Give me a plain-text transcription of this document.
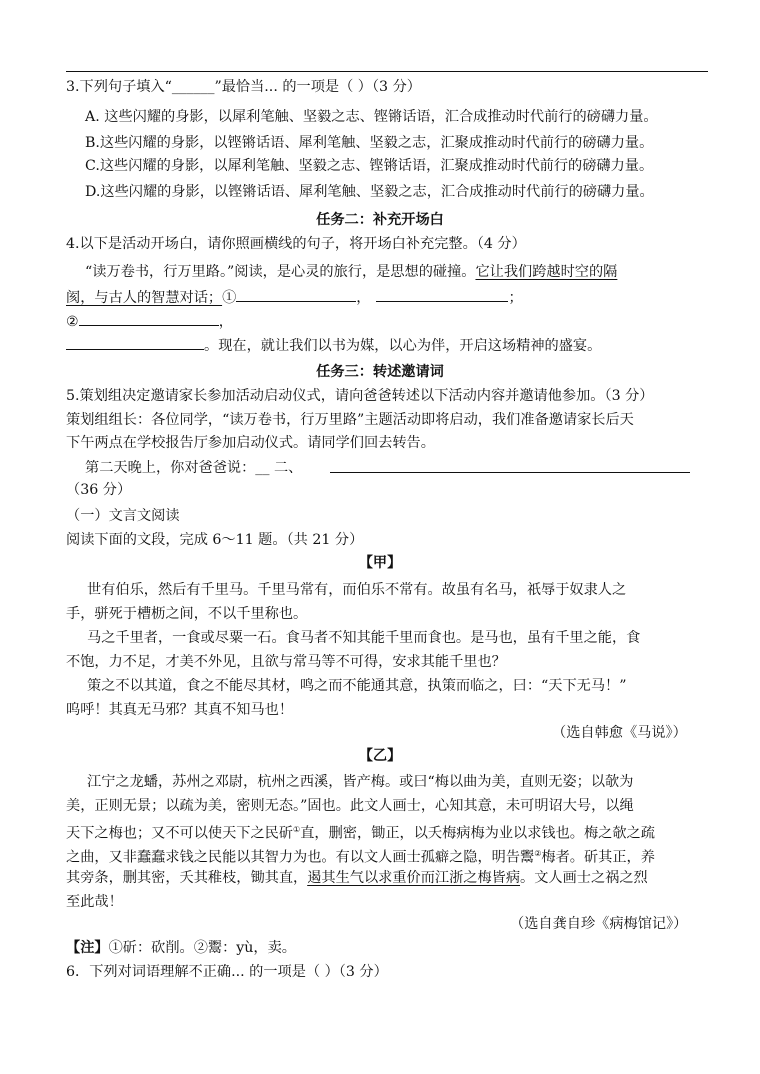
3.下列句子填入“______”最恰当... 的一项是（ ）（3 分）
A. 这些闪耀的身影，以犀利笔触、坚毅之志、铿锵话语，汇合成推动时代前行的磅礴力量。
B.这些闪耀的身影，以铿锵话语、犀利笔触、坚毅之志，汇聚成推动时代前行的磅礴力量。
C.这些闪耀的身影，以犀利笔触、坚毅之志、铿锵话语，汇聚成推动时代前行的磅礴力量。
D.这些闪耀的身影，以铿锵话语、犀利笔触、坚毅之志，汇合成推动时代前行的磅礴力量。
任务二：补充开场白
4.以下是活动开场白，请你照画横线的句子，将开场白补充完整。（4 分）
“读万卷书，行万里路。”阅读，是心灵的旅行，是思想的碰撞。它让我们跨越时空的隔
阂，与古人的智慧对话；①	，	；
②	，
。现在，就让我们以书为媒，以心为伴，开启这场精神的盛宴。
任务三：转述邀请词
5.策划组决定邀请家长参加活动启动仪式，请向爸爸转述以下活动内容并邀请他参加。（3 分）
策划组组长：各位同学，“读万卷书，行万里路”主题活动即将启动，我们准备邀请家长后天
下午两点在学校报告厅参加启动仪式。请同学们回去转告。
第二天晚上，你对爸爸说：__ 二、
（36 分）
（一）文言文阅读
阅读下面的文段，完成 6～11 题。（共 21 分）
【甲】
世有伯乐，然后有千里马。千里马常有，而伯乐不常有。故虽有名马，祇辱于奴隶人之
手，骈死于槽枥之间，不以千里称也。
马之千里者，一食或尽粟一石。食马者不知其能千里而食也。是马也，虽有千里之能，食
不饱，力不足，才美不外见，且欲与常马等不可得，安求其能千里也？
策之不以其道，食之不能尽其材，鸣之而不能通其意，执策而临之，曰：“天下无马！”
呜呼！其真无马邪？其真不知马也！
（选自韩愈《马说》）
【乙】
江宁之龙蟠，苏州之邓尉，杭州之西溪，皆产梅。或曰“梅以曲为美，直则无姿；以欹为
美，正则无景；以疏为美，密则无态。”固也。此文人画士，心知其意，未可明诏大号，以绳
天下之梅也；又不可以使天下之民斫①直，删密，锄正，以夭梅病梅为业以求钱也。梅之欹之疏
之曲，又非蠢蠢求钱之民能以其智力为也。有以文人画士孤癖之隐，明告鬻②梅者。斫其正，养
其旁条，删其密，夭其稚枝，锄其直，遏其生气以求重价而江浙之梅皆病。文人画士之祸之烈
至此哉！
（选自龚自珍《病梅馆记》）
【注】①斫：砍削。②鬻：yù，卖。
6．下列对词语理解不正确... 的一项是（ ）（3 分）
